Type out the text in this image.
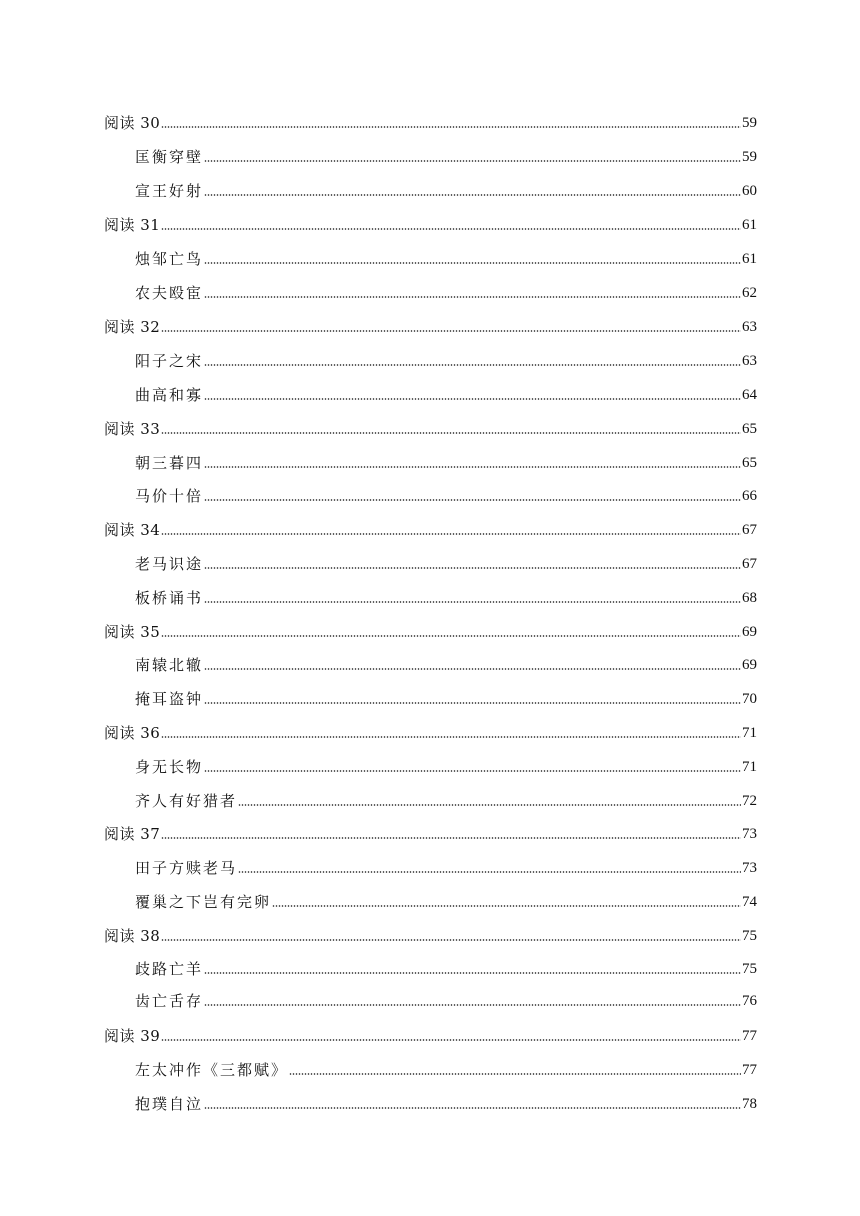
阅读 30	59
匡衡穿壁	59
宣王好射	60
阅读 31	61
烛邹亡鸟	61
农夫殴宦	62
阅读 32	63
阳子之宋	63
曲高和寡	64
阅读 33	65
朝三暮四	65
马价十倍	66
阅读 34	67
老马识途	67
板桥诵书	68
阅读 35	69
南辕北辙	69
掩耳盗钟	70
阅读 36	71
身无长物	71
齐人有好猎者	72
阅读 37	73
田子方赎老马	73
覆巢之下岂有完卵	74
阅读 38	75
歧路亡羊	75
齿亡舌存	76
阅读 39	77
左太冲作《三都赋》	77
抱璞自泣	78
